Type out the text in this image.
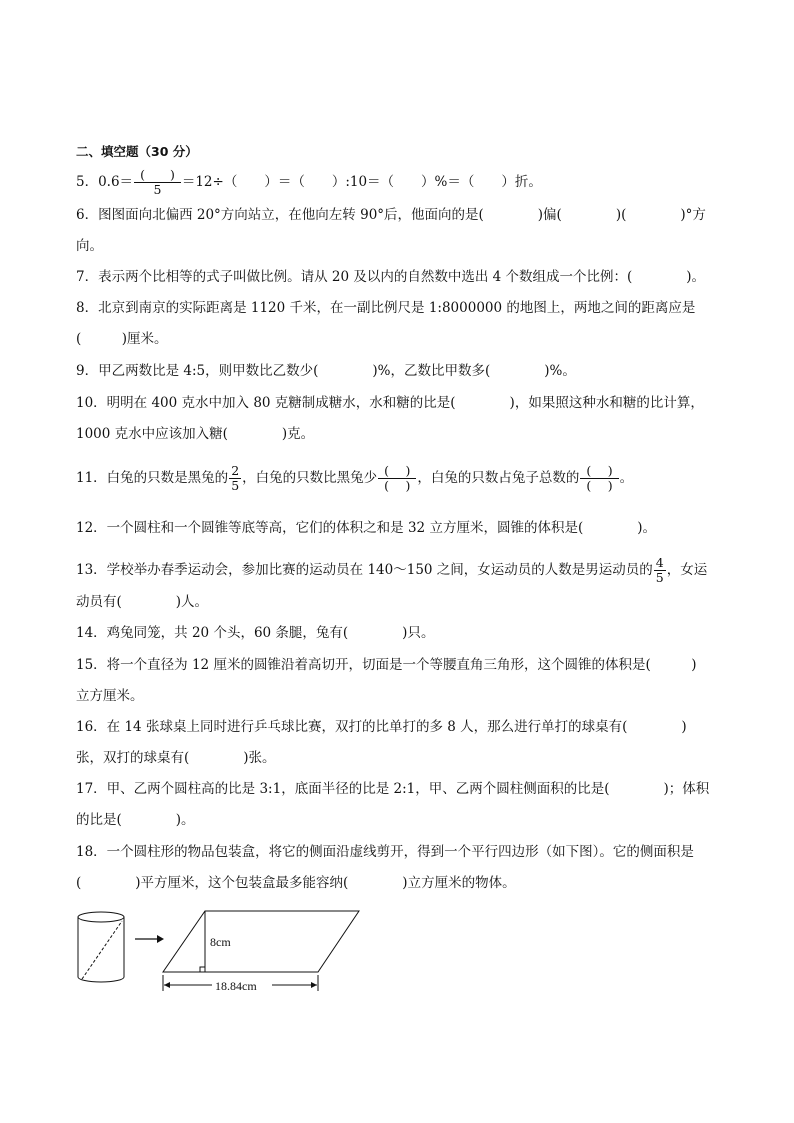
二、填空题（30 分）
5．$0.6= \frac{( )}{5} =12\div$（　　）＝（　　）:10＝（　　）%＝（　　）折。
6．图图面向北偏西 20°方向站立，在他向左转 90°后，他面向的是(　　　　)偏(　　　　)(　　　　)°方
向。
7．表示两个比相等的式子叫做比例。请从 20 及以内的自然数中选出 4 个数组成一个比例：(　　　　)。
8．北京到南京的实际距离是 1120 千米，在一副比例尺是 1:8000000 的地图上，两地之间的距离应是
(　　　)厘米。
9．甲乙两数比是 4:5，则甲数比乙数少(　　　　)%，乙数比甲数多(　　　　)%。
10．明明在 400 克水中加入 80 克糖制成糖水，水和糖的比是(　　　　)，如果照这种水和糖的比计算，
1000 克水中应该加入糖(　　　　)克。
11．白兔的只数是黑兔的 $\frac{2}{5}$ ，白兔的只数比黑兔少 $\frac{( )}{( )}$ ，白兔的只数占兔子总数的 $\frac{( )}{( )}$ 。
12．一个圆柱和一个圆锥等底等高，它们的体积之和是 32 立方厘米，圆锥的体积是(　　　　)。
13．学校举办春季运动会，参加比赛的运动员在 140～150 之间，女运动员的人数是男运动员的 $\frac{4}{5}$ ，女运
动员有(　　　　)人。
14．鸡兔同笼，共 20 个头，60 条腿，兔有(　　　　)只。
15．将一个直径为 12 厘米的圆锥沿着高切开，切面是一个等腰直角三角形，这个圆锥的体积是(　　　)
立方厘米。
16．在 14 张球桌上同时进行乒乓球比赛，双打的比单打的多 8 人，那么进行单打的球桌有(　　　　)
张，双打的球桌有(　　　　)张。
17．甲、乙两个圆柱高的比是 3:1，底面半径的比是 2:1，甲、乙两个圆柱侧面积的比是(　　　　)；体积
的比是(　　　　)。
18．一个圆柱形的物品包装盒，将它的侧面沿虚线剪开，得到一个平行四边形（如下图）。它的侧面积是
(　　　　)平方厘米，这个包装盒最多能容纳(　　　　)立方厘米的物体。
8cm
18.84cm
